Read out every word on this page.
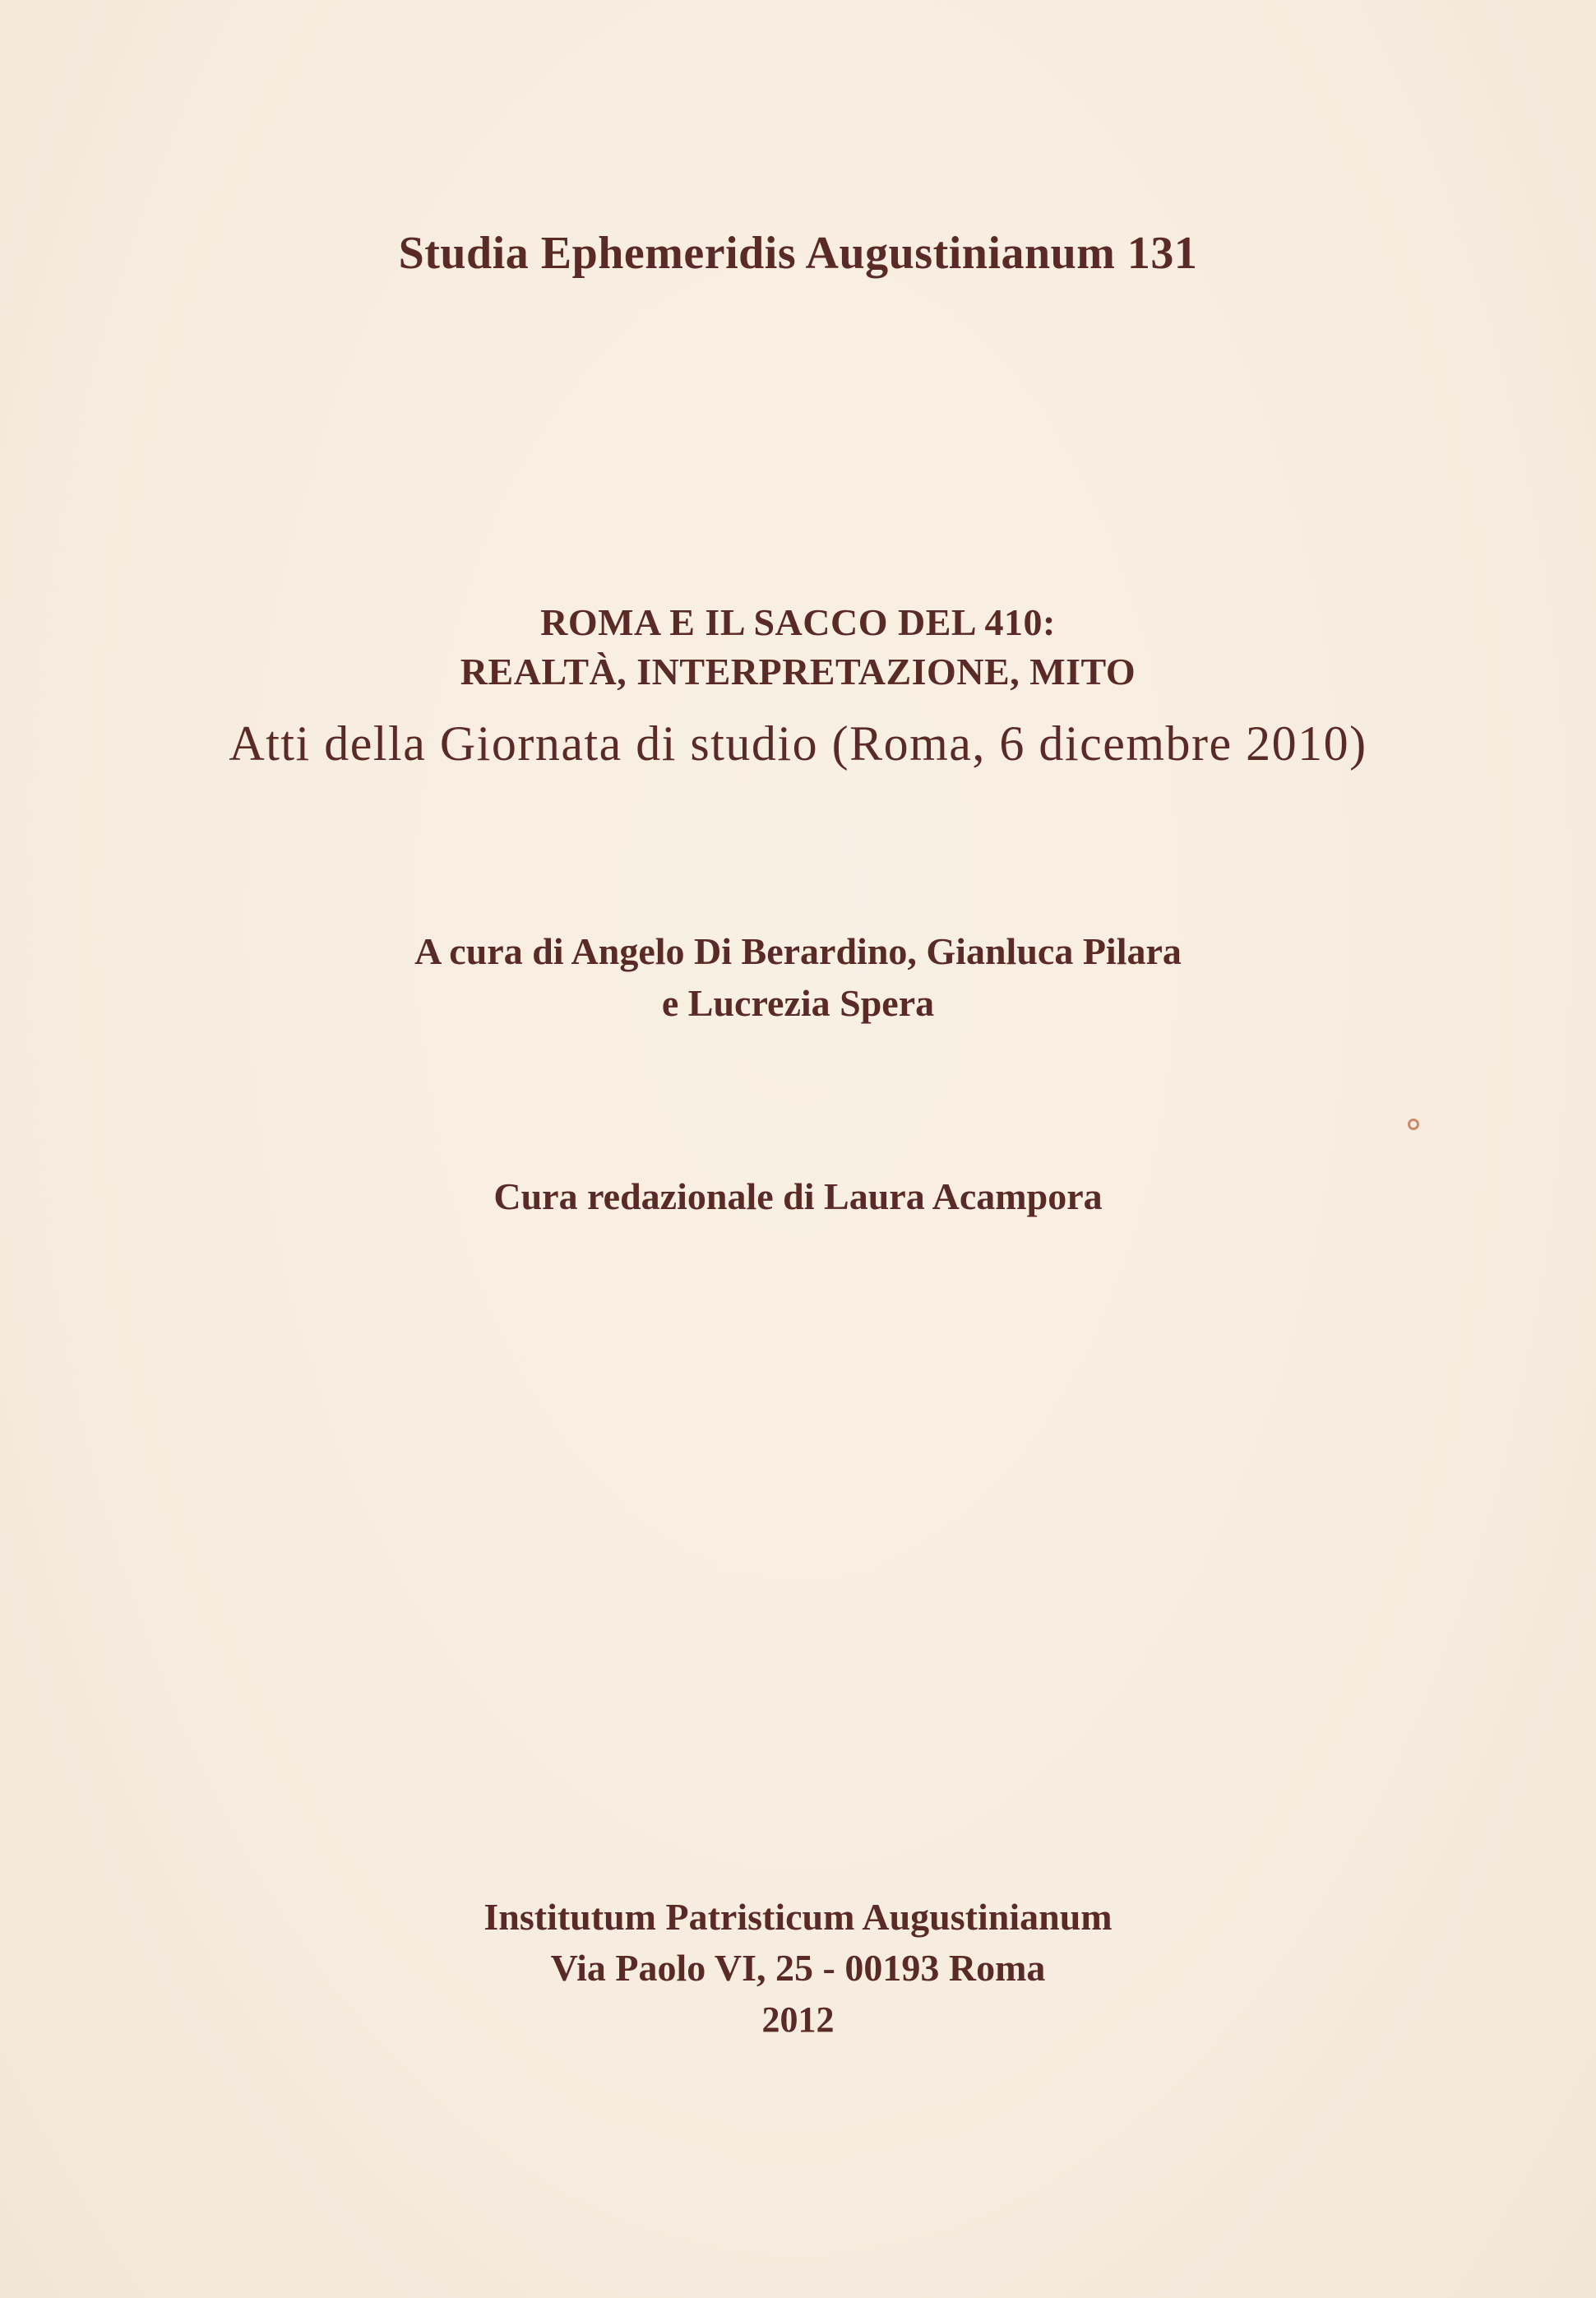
Studia Ephemeridis Augustinianum 131
ROMA E IL SACCO DEL 410:
REALTÀ, INTERPRETAZIONE, MITO
Atti della Giornata di studio (Roma, 6 dicembre 2010)
A cura di Angelo Di Berardino, Gianluca Pilara
e Lucrezia Spera
Cura redazionale di Laura Acampora
Institutum Patristicum Augustinianum
Via Paolo VI, 25 - 00193 Roma
2012
